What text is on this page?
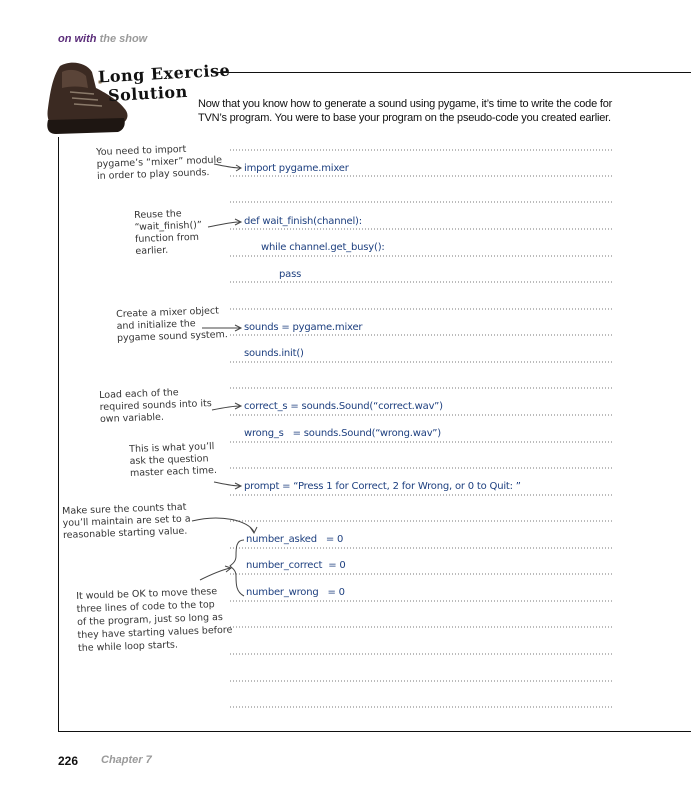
on with the show
Long Exercise
Solution Now that you know how to generate a sound using pygame, it’s time to write the code for TVN’s program. You were to base your program on the pseudo-code you created earlier.
import pygame.mixer
def wait_finish(channel):
while channel.get_busy():
pass
sounds = pygame.mixer
sounds.init()
correct_s = sounds.Sound(“correct.wav”)
wrong_s   = sounds.Sound(“wrong.wav”)
prompt = “Press 1 for Correct, 2 for Wrong, or 0 to Quit: ”
number_asked   = 0
number_correct  = 0
number_wrong   = 0
You need to import
pygame’s “mixer” module
in order to play sounds.
Reuse the
“wait_finish()”
function from
earlier.
Create a mixer object
and initialize the
pygame sound system.
Load each of the
required sounds into its
own variable.
This is what you’ll
ask the question
master each time.
Make sure the counts that
you’ll maintain are set to a
reasonable starting value.
It would be OK to move these
three lines of code to the top
of the program, just so long as
they have starting values before
the while loop starts.
226 Chapter 7
